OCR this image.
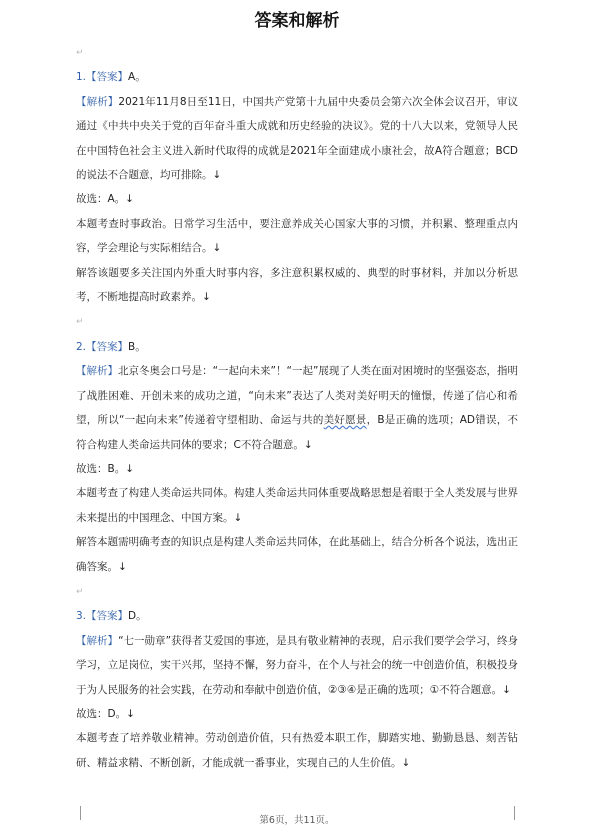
答案和解析

↵

1.【答案】A。

【解析】2021年11月8日至11日，中国共产党第十九届中央委员会第六次全体会议召开，审议通过《中共中央关于党的百年奋斗重大成就和历史经验的决议》。党的十八大以来，党领导人民在中国特色社会主义进入新时代取得的成就是2021年全面建成小康社会，故A符合题意；BCD的说法不合题意，均可排除。↓

故选：A。↓

本题考查时事政治。日常学习生活中，要注意养成关心国家大事的习惯，并积累、整理重点内容，学会理论与实际相结合。↓

解答该题要多关注国内外重大时事内容，多注意积累权威的、典型的时事材料，并加以分析思考，不断地提高时政素养。↓

↵

2.【答案】B。

【解析】北京冬奥会口号是：“一起向未来”！“一起”展现了人类在面对困境时的坚强姿态，指明了战胜困难、开创未来的成功之道，“向未来”表达了人类对美好明天的憧憬，传递了信心和希望，所以“一起向未来”传递着守望相助、命运与共的美好愿景，B是正确的选项；AD错误，不符合构建人类命运共同体的要求；C不符合题意。↓

故选：B。↓

本题考查了构建人类命运共同体。构建人类命运共同体重要战略思想是着眼于全人类发展与世界未来提出的中国理念、中国方案。↓

解答本题需明确考查的知识点是构建人类命运共同体，在此基础上，结合分析各个说法，选出正确答案。↓

↵

3.【答案】D。

【解析】“七一勋章”获得者艾爱国的事迹，是具有敬业精神的表现，启示我们要学会学习，终身学习，立足岗位，实干兴邦，坚持不懈，努力奋斗，在个人与社会的统一中创造价值，积极投身于为人民服务的社会实践，在劳动和奉献中创造价值，②③④是正确的选项；①不符合题意。↓

故选：D。↓

本题考查了培养敬业精神。劳动创造价值，只有热爱本职工作，脚踏实地、勤勤恳恳、刻苦钻研、精益求精、不断创新，才能成就一番事业，实现自己的人生价值。↓

第6页，共11页。
